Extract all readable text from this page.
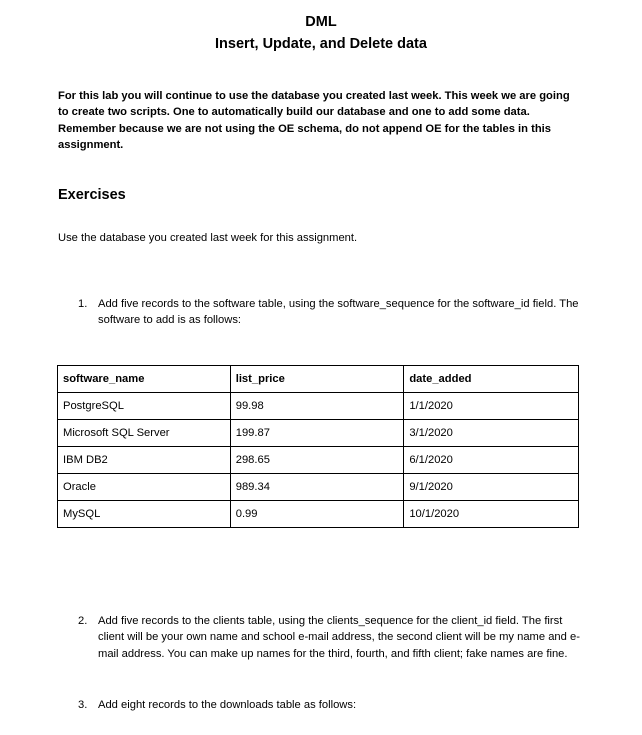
DML
Insert, Update, and Delete data

For this lab you will continue to use the database you created last week. This week we are going to create two scripts. One to automatically build our database and one to add some data. Remember because we are not using the OE schema, do not append OE for the tables in this assignment.

Exercises

Use the database you created last week for this assignment.

1. Add five records to the software table, using the software_sequence for the software_id field. The software to add is as follows:
software_name	list_price	date_added
PostgreSQL	99.98	1/1/2020
Microsoft SQL Server	199.87	3/1/2020
IBM DB2	298.65	6/1/2020
Oracle	989.34	9/1/2020
MySQL	0.99	10/1/2020
2. Add five records to the clients table, using the clients_sequence for the client_id field. The first client will be your own name and school e-mail address, the second client will be my name and e-mail address. You can make up names for the third, fourth, and fifth client; fake names are fine.
3. Add eight records to the downloads table as follows:
